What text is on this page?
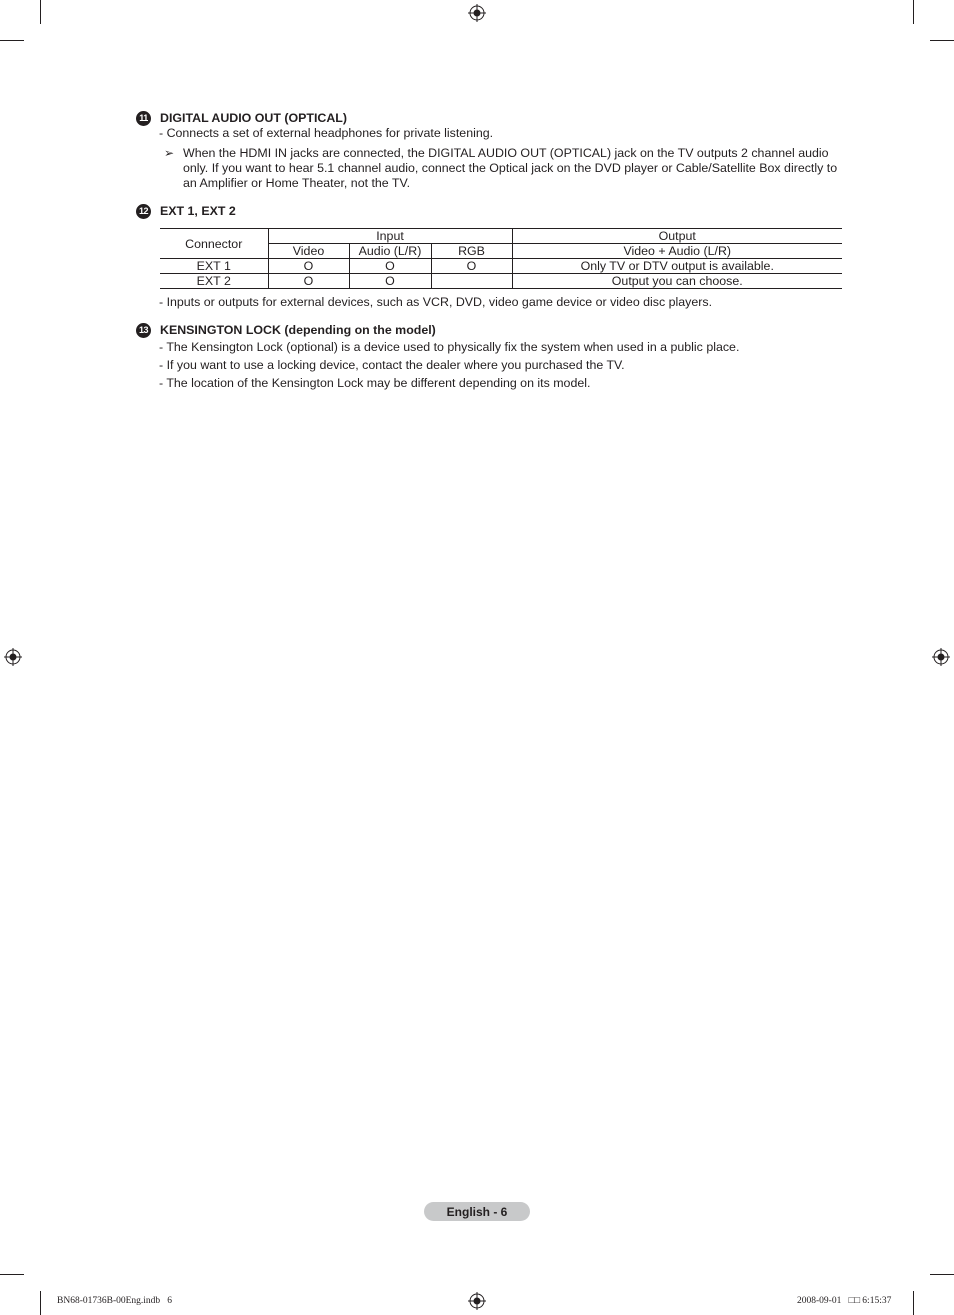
11 DIGITAL AUDIO OUT (OPTICAL)
- Connects a set of external headphones for private listening.
➢ When the HDMI IN jacks are connected, the DIGITAL AUDIO OUT (OPTICAL) jack on the TV outputs 2 channel audio only. If you want to hear 5.1 channel audio, connect the Optical jack on the DVD player or Cable/Satellite Box directly to an Amplifier or Home Theater, not the TV.
12 EXT 1, EXT 2
Connector	Input			Output
	Video	Audio (L/R)	RGB	Video + Audio (L/R)
EXT 1	O	O	O	Only TV or DTV output is available.
EXT 2	O	O		Output you can choose.
- Inputs or outputs for external devices, such as VCR, DVD, video game device or video disc players.
13 KENSINGTON LOCK (depending on the model)
- The Kensington Lock (optional) is a device used to physically fix the system when used in a public place.
- If you want to use a locking device, contact the dealer where you purchased the TV.
- The location of the Kensington Lock may be different depending on its model.
English - 6
BN68-01736B-00Eng.indb   6	2008-09-01   □□ 6:15:37
